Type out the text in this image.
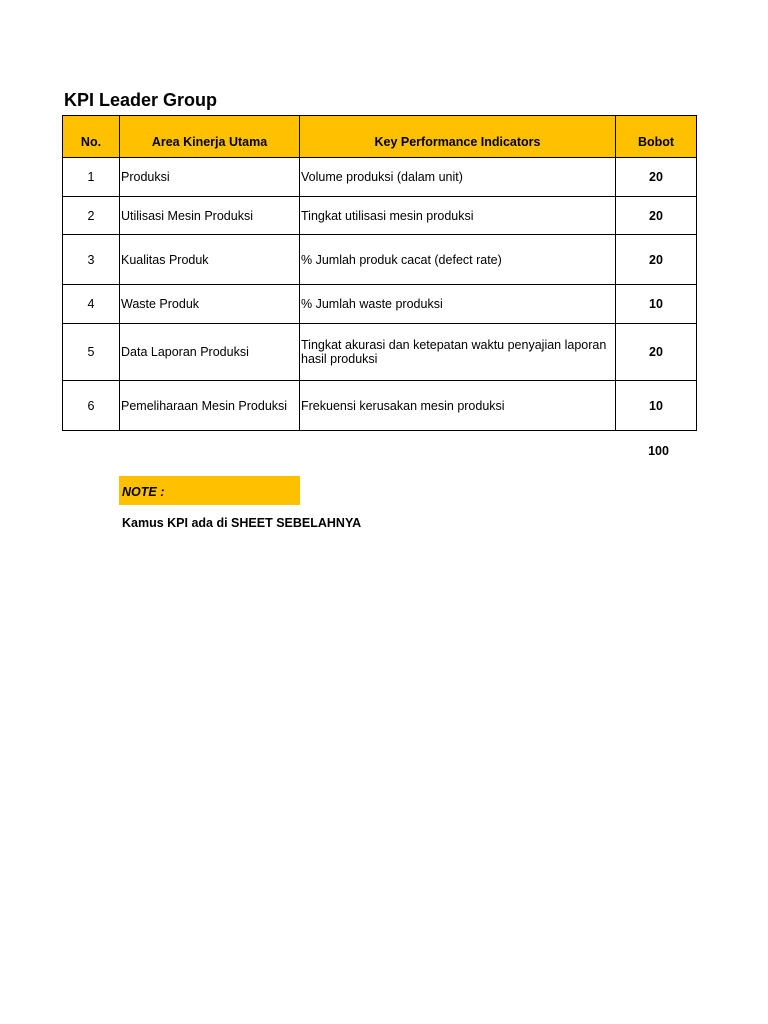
KPI Leader Group
No.	Area Kinerja Utama	Key Performance Indicators	Bobot
1	Produksi	Volume produksi (dalam unit)	20
2	Utilisasi Mesin Produksi	Tingkat utilisasi mesin produksi	20
3	Kualitas Produk	% Jumlah produk cacat (defect rate)	20
4	Waste Produk	% Jumlah waste produksi	10
5	Data Laporan Produksi	Tingkat akurasi dan ketepatan waktu penyajian laporan hasil produksi	20
6	Pemeliharaan Mesin Produksi	Frekuensi kerusakan mesin produksi	10
100
NOTE :
Kamus KPI ada di SHEET SEBELAHNYA
